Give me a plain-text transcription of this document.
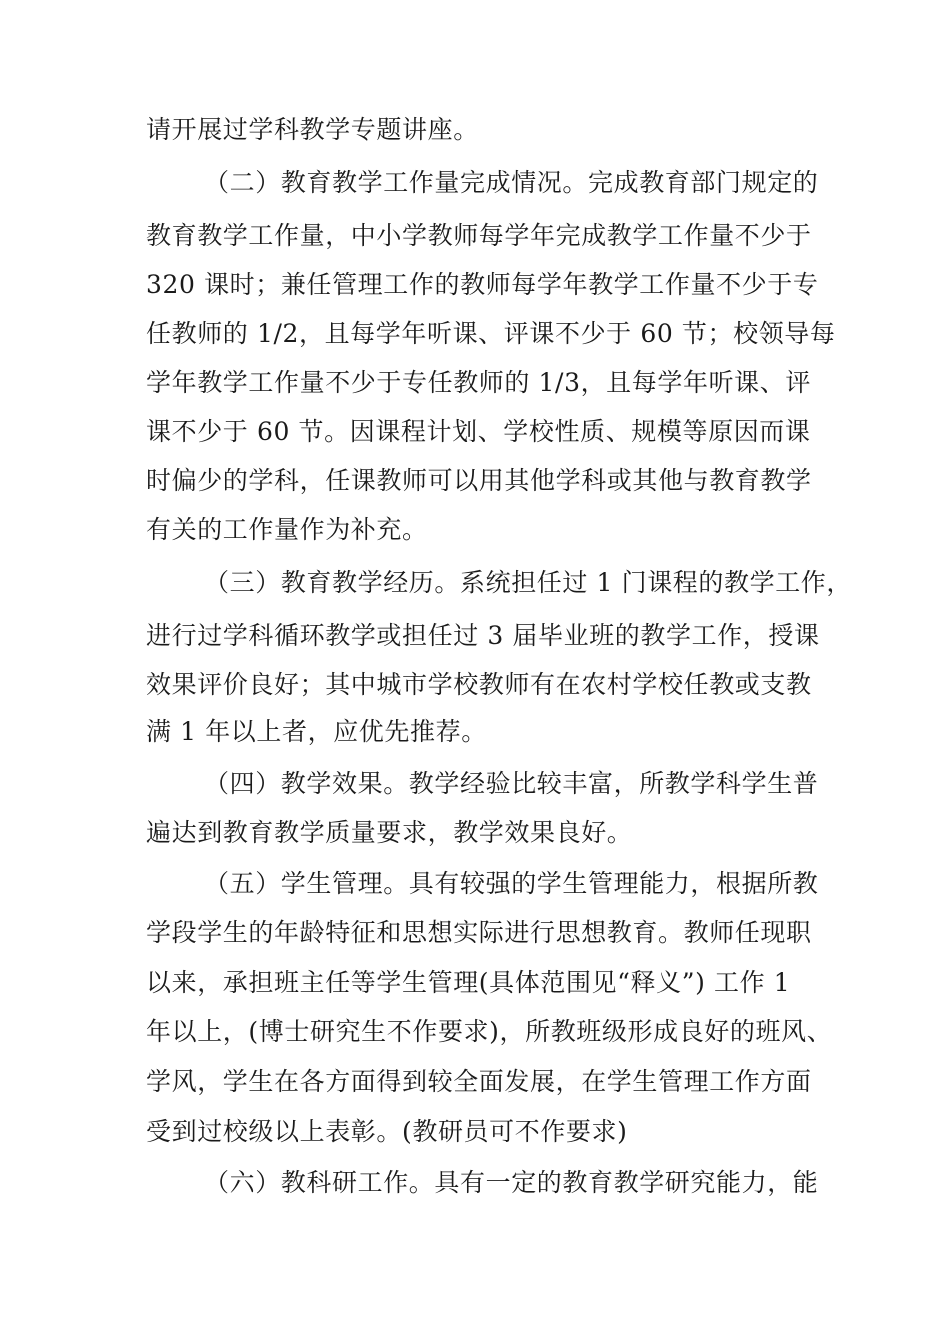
请开展过学科教学专题讲座。
（二）教育教学工作量完成情况。完成教育部门规定的
教育教学工作量，中小学教师每学年完成教学工作量不少于
320 课时；兼任管理工作的教师每学年教学工作量不少于专
任教师的 1/2，且每学年听课、评课不少于 60 节；校领导每
学年教学工作量不少于专任教师的 1/3，且每学年听课、评
课不少于 60 节。因课程计划、学校性质、规模等原因而课
时偏少的学科，任课教师可以用其他学科或其他与教育教学
有关的工作量作为补充。
（三）教育教学经历。系统担任过 1 门课程的教学工作，
进行过学科循环教学或担任过 3 届毕业班的教学工作，授课
效果评价良好；其中城市学校教师有在农村学校任教或支教
满 1 年以上者，应优先推荐。
（四）教学效果。教学经验比较丰富，所教学科学生普
遍达到教育教学质量要求，教学效果良好。
（五）学生管理。具有较强的学生管理能力，根据所教
学段学生的年龄特征和思想实际进行思想教育。教师任现职
以来，承担班主任等学生管理(具体范围见“释义”) 工作 1
年以上，(博士研究生不作要求)，所教班级形成良好的班风、
学风，学生在各方面得到较全面发展，在学生管理工作方面
受到过校级以上表彰。(教研员可不作要求)
（六）教科研工作。具有一定的教育教学研究能力，能
